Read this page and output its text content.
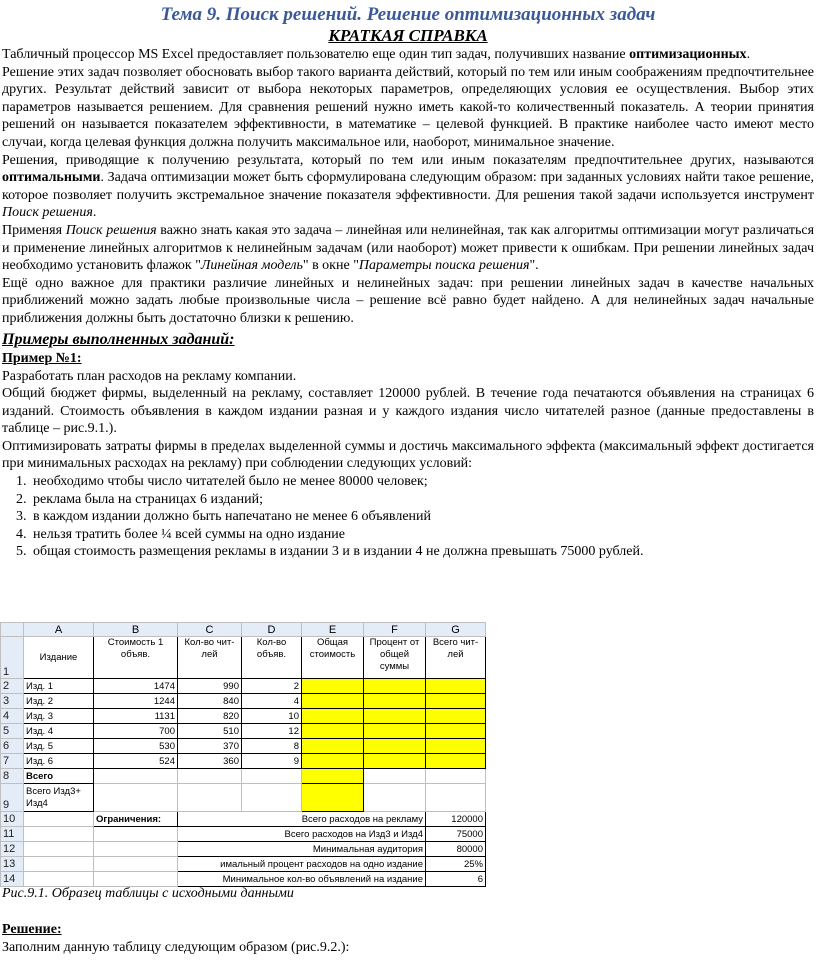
Тема 9. Поиск решений. Решение оптимизационных задач
КРАТКАЯ СПРАВКА

Табличный процессор MS Excel предоставляет пользователю еще один тип задач, получивших название оптимизационных.

Решение этих задач позволяет обосновать выбор такого варианта действий, который по тем или иным соображениям предпочтительнее других. Результат действий зависит от выбора некоторых параметров, определяющих условия ее осуществления. Выбор этих параметров называется решением. Для сравнения решений нужно иметь какой-то количественный показатель. А теории принятия решений он называется показателем эффективности, в математике – целевой функцией. В практике наиболее часто имеют место случаи, когда целевая функция должна получить максимальное или, наоборот, минимальное значение.

Решения, приводящие к получению результата, который по тем или иным показателям предпочтительнее других, называются оптимальными. Задача оптимизации может быть сформулирована следующим образом: при заданных условиях найти такое решение, которое позволяет получить экстремальное значение показателя эффективности. Для решения такой задачи используется инструмент Поиск решения.

Применяя Поиск решения важно знать какая это задача – линейная или нелинейная, так как алгоритмы оптимизации могут различаться и применение линейных алгоритмов к нелинейным задачам (или наоборот) может привести к ошибкам. При решении линейных задач необходимо установить флажок "Линейная модель" в окне "Параметры поиска решения".

Ещё одно важное для практики различие линейных и нелинейных задач: при решении линейных задач в качестве начальных приближений можно задать любые произвольные числа – решение всё равно будет найдено. А для нелинейных задач начальные приближения должны быть достаточно близки к решению.

Примеры выполненных заданий:
Пример №1:

Разработать план расходов на рекламу компании.

Общий бюджет фирмы, выделенный на рекламу, составляет 120000 рублей. В течение года печатаются объявления на страницах 6 изданий. Стоимость объявления в каждом издании разная и у каждого издания число читателей разное (данные предоставлены в таблице – рис.9.1.).

Оптимизировать затраты фирмы в пределах выделенной суммы и достичь максимального эффекта (максимальный эффект достигается при минимальных расходах на рекламу) при соблюдении следующих условий:

1. необходимо чтобы число читателей было не менее 80000 человек;
2. реклама была на страницах 6 изданий;
3. в каждом издании должно быть напечатано не менее 6 объявлений
4. нельзя тратить более ¼ всей суммы на одно издание
5. общая стоимость размещения рекламы в издании 3 и в издании 4 не должна превышать 75000 рублей.
	A	B	C	D	E	F	G
1	Издание	Стоимость 1 объяв.	Кол-во чит-лей	Кол-во объяв.	Общая стоимость	Процент от общей суммы	Всего чит-лей
2	Изд. 1	1474	990	2			
3	Изд. 2	1244	840	4			
4	Изд. 3	1131	820	10			
5	Изд. 4	700	510	12			
6	Изд. 5	530	370	8			
7	Изд. 6	524	360	9			
8	Всего						
9	Всего Изд3+ Изд4						
10		Ограничения:	Всего расходов на рекламу				120000
11			Всего расходов на Изд3 и Изд4				75000
12			Минимальная аудитория				80000
13			имальный процент расходов на одно издание				25%
14			Минимальное кол-во объявлений на издание				6
Рис.9.1. Образец таблицы с исходными данными
Решение:
Заполним данную таблицу следующим образом (рис.9.2.):
